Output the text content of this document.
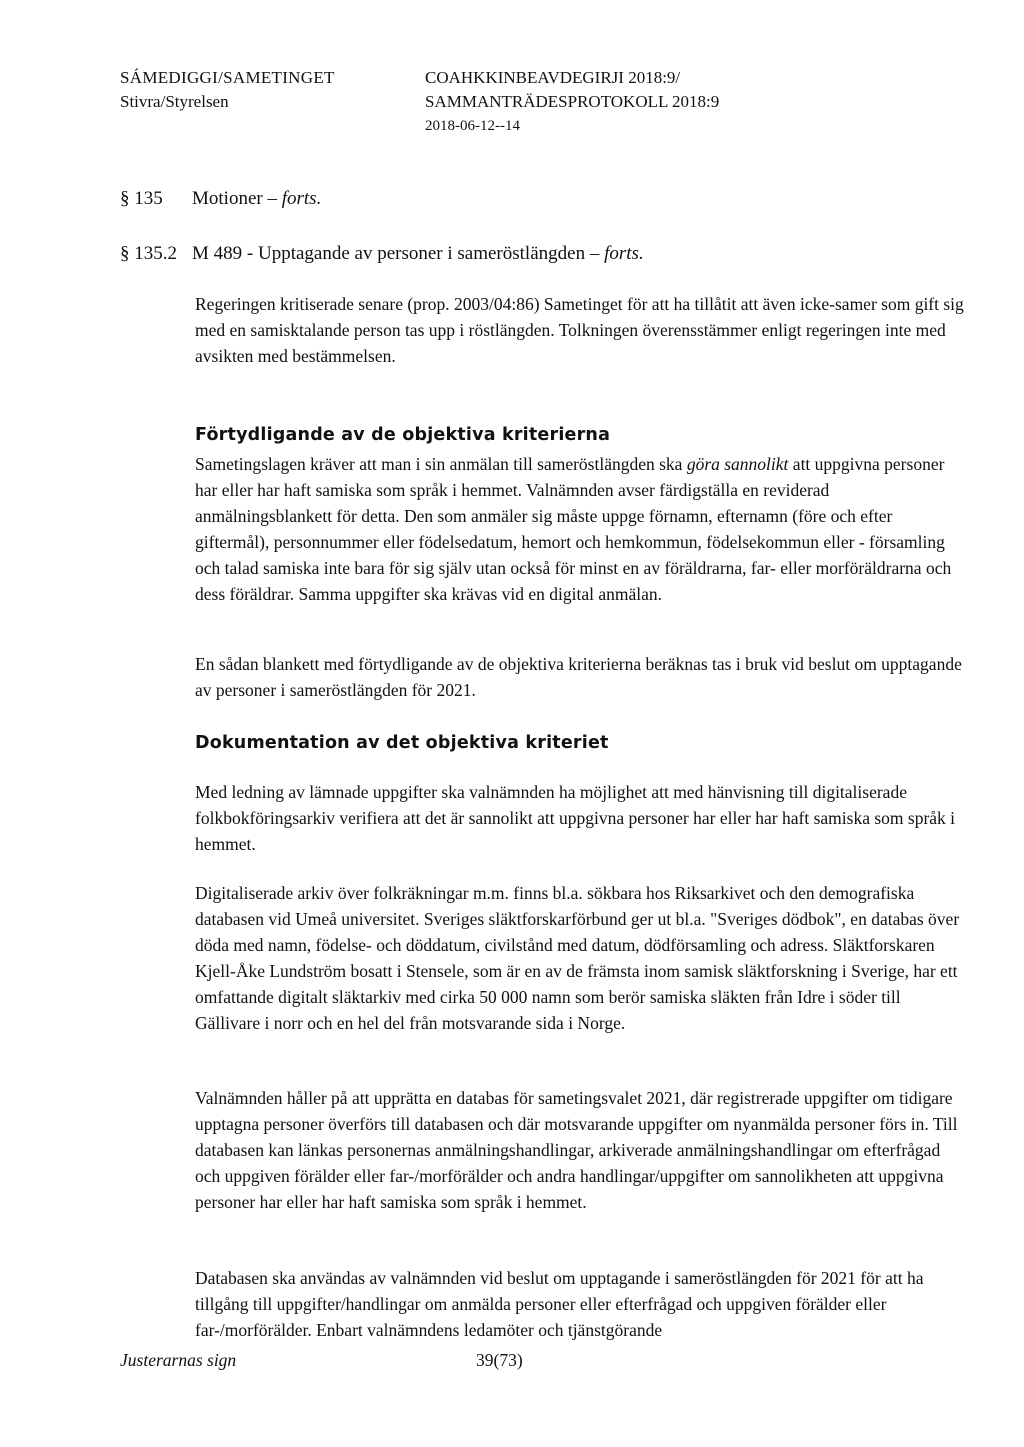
SÁMEDIGGI/SAMETINGET
Stivra/Styrelsen
COAHKKINBEAVDEGIRJI 2018:9/
SAMMANTRÄDESPROTOKOLL 2018:9
2018-06-12--14
§ 135 Motioner – forts.
§ 135.2 M 489 - Upptagande av personer i sameröstlängden – forts.

Regeringen kritiserade senare (prop. 2003/04:86) Sametinget för att ha tillåtit att även icke-samer som gift sig med en samisktalande person tas upp i röstlängden. Tolkningen överensstämmer enligt regeringen inte med avsikten med bestämmelsen.

Förtydligande av de objektiva kriterierna

Sametingslagen kräver att man i sin anmälan till sameröstlängden ska göra sannolikt att uppgivna personer har eller har haft samiska som språk i hemmet. Valnämnden avser färdigställa en reviderad anmälningsblankett för detta. Den som anmäler sig måste uppge förnamn, efternamn (före och efter giftermål), personnummer eller födelsedatum, hemort och hemkommun, födelsekommun eller - församling och talad samiska inte bara för sig själv utan också för minst en av föräldrarna, far- eller morföräldrarna och dess föräldrar. Samma uppgifter ska krävas vid en digital anmälan.

En sådan blankett med förtydligande av de objektiva kriterierna beräknas tas i bruk vid beslut om upptagande av personer i sameröstlängden för 2021.

Dokumentation av det objektiva kriteriet

Med ledning av lämnade uppgifter ska valnämnden ha möjlighet att med hänvisning till digitaliserade folkbokföringsarkiv verifiera att det är sannolikt att uppgivna personer har eller har haft samiska som språk i hemmet.

Digitaliserade arkiv över folkräkningar m.m. finns bl.a. sökbara hos Riksarkivet och den demografiska databasen vid Umeå universitet. Sveriges släktforskarförbund ger ut bl.a. "Sveriges dödbok", en databas över döda med namn, födelse- och döddatum, civilstånd med datum, dödförsamling och adress. Släktforskaren Kjell-Åke Lundström bosatt i Stensele, som är en av de främsta inom samisk släktforskning i Sverige, har ett omfattande digitalt släktarkiv med cirka 50 000 namn som berör samiska släkten från Idre i söder till Gällivare i norr och en hel del från motsvarande sida i Norge.

Valnämnden håller på att upprätta en databas för sametingsvalet 2021, där registrerade uppgifter om tidigare upptagna personer överförs till databasen och där motsvarande uppgifter om nyanmälda personer förs in. Till databasen kan länkas personernas anmälningshandlingar, arkiverade anmälningshandlingar om efterfrågad och uppgiven förälder eller far-/morförälder och andra handlingar/uppgifter om sannolikheten att uppgivna personer har eller har haft samiska som språk i hemmet.

Databasen ska användas av valnämnden vid beslut om upptagande i sameröstlängden för 2021 för att ha tillgång till uppgifter/handlingar om anmälda personer eller efterfrågad och uppgiven förälder eller far-/morförälder. Enbart valnämndens ledamöter och tjänstgörande

Justerarnas sign	39(73)
